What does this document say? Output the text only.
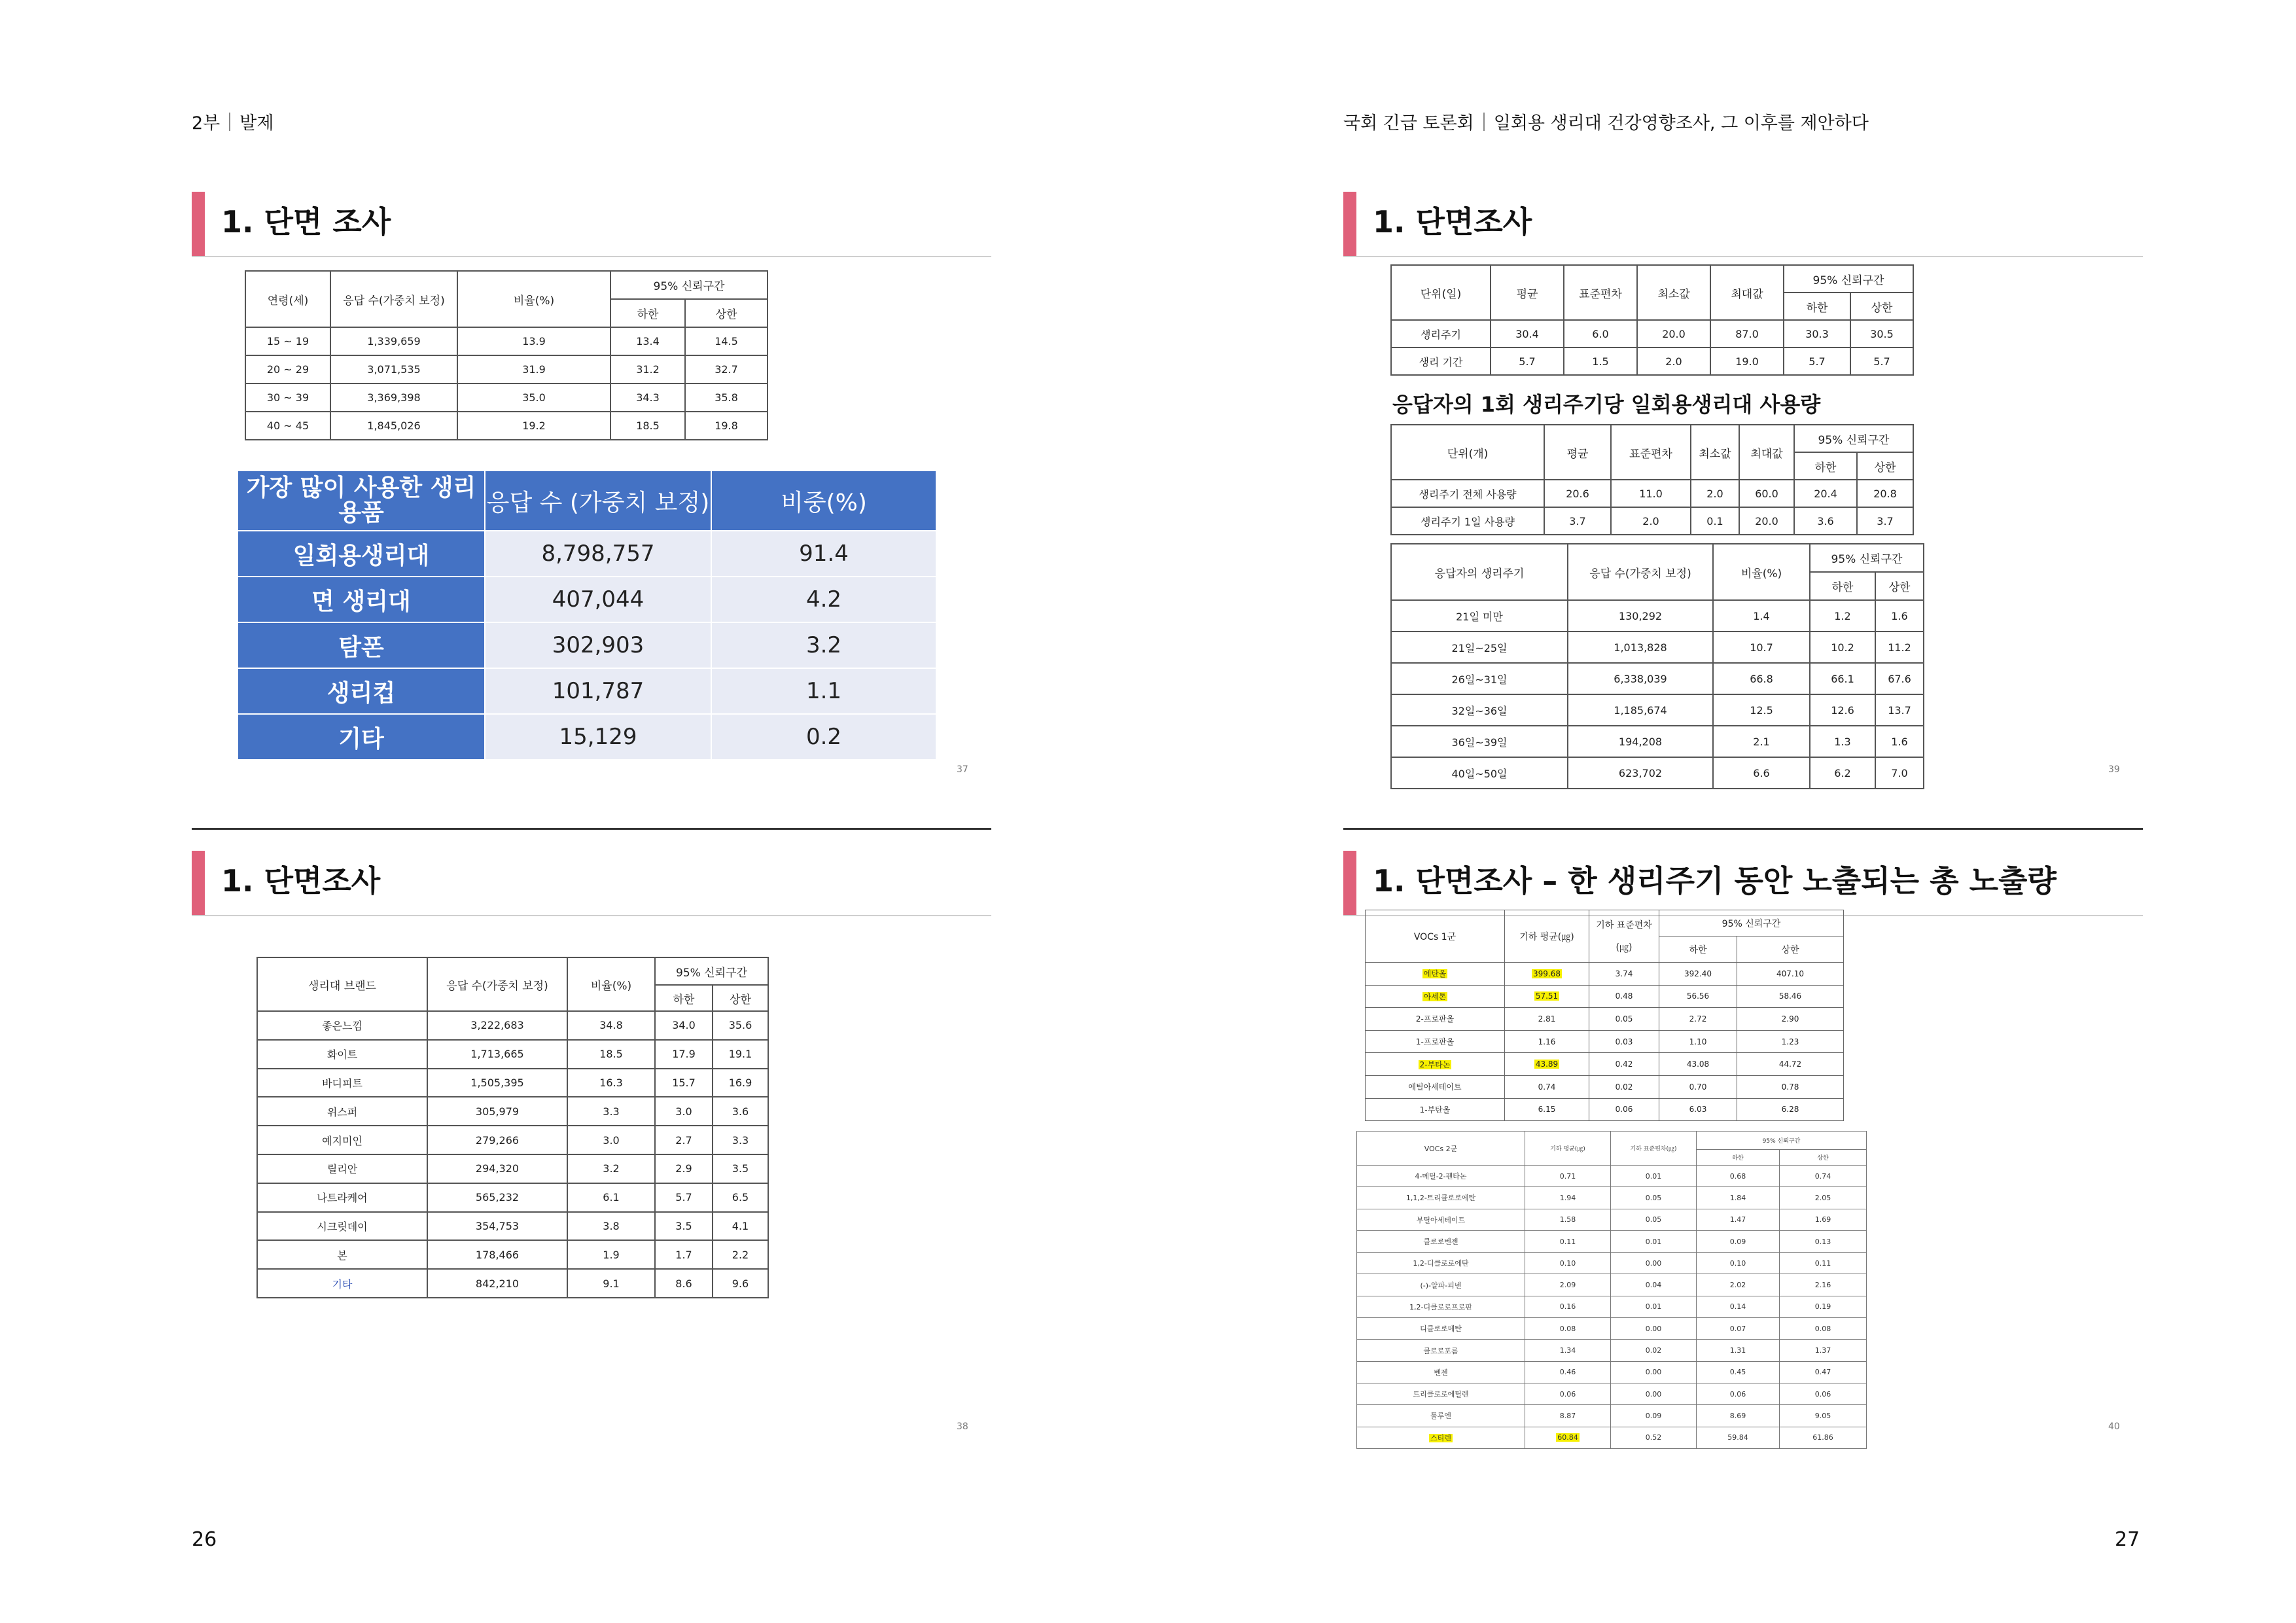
2부 발제	국회 긴급 토론회 일회용 생리대 건강영향조사, 그 이후를 제안하다
1. 단면 조사
연령(세)	응답 수(가중치 보정)	비율(%)	95% 신뢰구간	
			하한	상한
15 ~ 19	1,339,659	13.9	13.4	14.5
20 ~ 29	3,071,535	31.9	31.2	32.7
30 ~ 39	3,369,398	35.0	34.3	35.8
40 ~ 45	1,845,026	19.2	18.5	19.8
가장 많이 사용한 생리용품	응답 수 (가중치 보정)	비중(%)
일회용생리대	8,798,757	91.4
면 생리대	407,044	4.2
탐폰	302,903	3.2
생리컵	101,787	1.1
기타	15,129	0.2
37
1. 단면조사
생리대 브랜드	응답 수(가중치 보정)	비율(%)	95% 신뢰구간	
			하한	상한
좋은느낌	3,222,683	34.8	34.0	35.6
화이트	1,713,665	18.5	17.9	19.1
바디피트	1,505,395	16.3	15.7	16.9
위스퍼	305,979	3.3	3.0	3.6
예지미인	279,266	3.0	2.7	3.3
릴리안	294,320	3.2	2.9	3.5
나트라케어	565,232	6.1	5.7	6.5
시크릿데이	354,753	3.8	3.5	4.1
본	178,466	1.9	1.7	2.2
기타	842,210	9.1	8.6	9.6
38
1. 단면조사
단위(일)	평균	표준편차	최소값	최대값	95% 신뢰구간	
					하한	상한
생리주기	30.4	6.0	20.0	87.0	30.3	30.5
생리 기간	5.7	1.5	2.0	19.0	5.7	5.7
응답자의 1회 생리주기당 일회용생리대 사용량
단위(개)	평균	표준편차	최소값	최대값	95% 신뢰구간	
					하한	상한
생리주기 전체 사용량	20.6	11.0	2.0	60.0	20.4	20.8
생리주기 1일 사용량	3.7	2.0	0.1	20.0	3.6	3.7
응답자의 생리주기	응답 수(가중치 보정)	비율(%)	95% 신뢰구간	
			하한	상한
21일 미만	130,292	1.4	1.2	1.6
21일~25일	1,013,828	10.7	10.2	11.2
26일~31일	6,338,039	66.8	66.1	67.6
32일~36일	1,185,674	12.5	12.6	13.7
36일~39일	194,208	2.1	1.3	1.6
40일~50일	623,702	6.6	6.2	7.0	39
1. 단면조사 – 한 생리주기 동안 노출되는 총 노출량
VOCs 1군	기하 평균(㎍)	기하 표준편차(㎍)	95% 신뢰구간	
			하한	상한
에탄올	399.68	3.74	392.40	407.10
아세톤	57.51	0.48	56.56	58.46
2-프로판올	2.81	0.05	2.72	2.90
1-프로판올	1.16	0.03	1.10	1.23
2-부타논	43.89	0.42	43.08	44.72
에틸아세테이트	0.74	0.02	0.70	0.78
1-부탄올	6.15	0.06	6.03	6.28
VOCs 2군	기하 평균(㎍)	기하 표준편차(㎍)	95% 신뢰구간	
			하한	상한
4-메틸-2-펜타논	0.71	0.01	0.68	0.74
1,1,2-트리클로로에탄	1.94	0.05	1.84	2.05
부틸아세테이트	1.58	0.05	1.47	1.69
클로로벤젠	0.11	0.01	0.09	0.13
1,2-디클로로에탄	0.10	0.00	0.10	0.11
(-)-알파-피넨	2.09	0.04	2.02	2.16
1,2-디클로로프로판	0.16	0.01	0.14	0.19
디클로로메탄	0.08	0.00	0.07	0.08
클로로포름	1.34	0.02	1.31	1.37
벤젠	0.46	0.00	0.45	0.47
트리클로로에틸렌	0.06	0.00	0.06	0.06
톨루엔	8.87	0.09	8.69	9.05
스티렌	60.84	0.52	59.84	61.86
40
26	27
